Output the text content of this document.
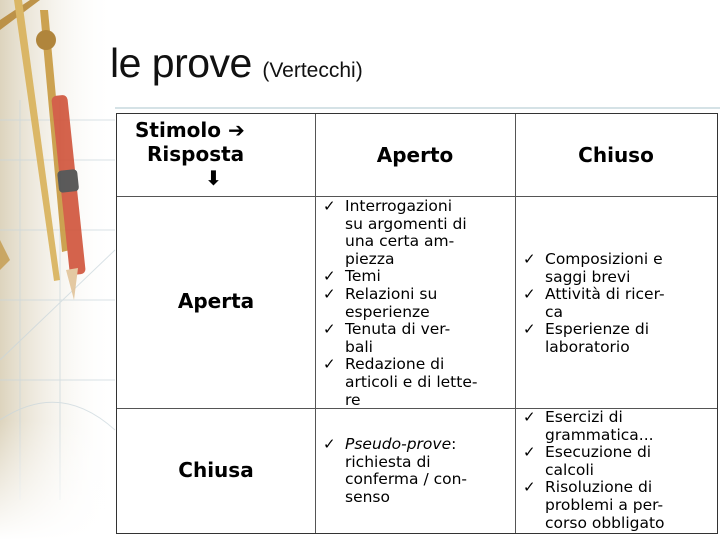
le prove (Vertecchi)
Stimolo ➔
Risposta
⬇
Aperto	Chiuso
Aperta
Chiusa
✓ Interrogazioni
su argomenti di
una certa am-
piezza
✓ Temi
✓ Relazioni su
esperienze
✓ Tenuta di ver-
bali
✓ Redazione di
articoli e di lette-
re
✓ Composizioni e
saggi brevi
✓ Attività di ricer-
ca
✓ Esperienze di
laboratorio
✓ Pseudo-prove:
richiesta di
conferma / con-
senso
✓ Esercizi di
grammatica...
✓ Esecuzione di
calcoli
✓ Risoluzione di
problemi a per-
corso obbligato
